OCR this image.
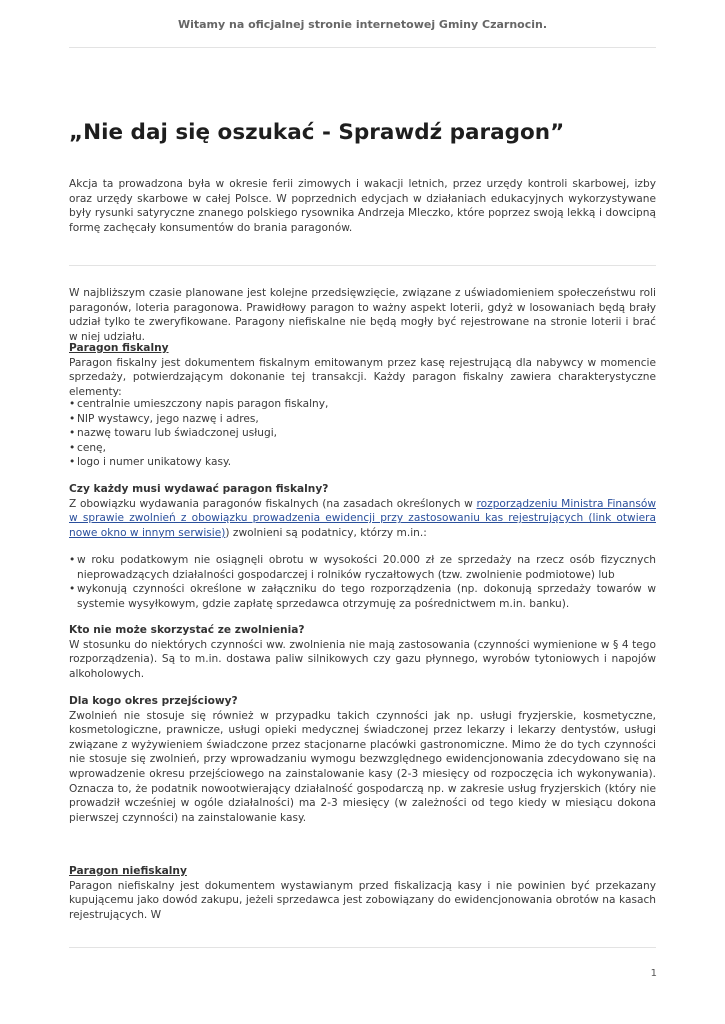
Witamy na oficjalnej stronie internetowej Gminy Czarnocin.
„Nie daj się oszukać - Sprawdź paragon”
Akcja ta prowadzona była w okresie ferii zimowych i wakacji letnich, przez urzędy kontroli skarbowej, izby oraz urzędy skarbowe w całej Polsce. W poprzednich edycjach w działaniach edukacyjnych wykorzystywane były rysunki satyryczne znanego polskiego rysownika Andrzeja Mleczko, które poprzez swoją lekką i dowcipną formę zachęcały konsumentów do brania paragonów.
W najbliższym czasie planowane jest kolejne przedsięwzięcie, związane z uświadomieniem społeczeństwu roli paragonów, loteria paragonowa. Prawidłowy paragon to ważny aspekt loterii, gdyż w losowaniach będą brały udział tylko te zweryfikowane. Paragony niefiskalne nie będą mogły być rejestrowane na stronie loterii i brać w niej udziału.
Paragon fiskalny
Paragon fiskalny jest dokumentem fiskalnym emitowanym przez kasę rejestrującą dla nabywcy w momencie sprzedaży, potwierdzającym dokonanie tej transakcji. Każdy paragon fiskalny zawiera charakterystyczne elementy:
• centralnie umieszczony napis paragon fiskalny,
• NIP wystawcy, jego nazwę i adres,
• nazwę towaru lub świadczonej usługi,
• cenę,
• logo i numer unikatowy kasy.
Czy każdy musi wydawać paragon fiskalny?
Z obowiązku wydawania paragonów fiskalnych (na zasadach określonych w rozporządzeniu Ministra Finansów w sprawie zwolnień z obowiązku prowadzenia ewidencji przy zastosowaniu kas rejestrujących (link otwiera nowe okno w innym serwisie)) zwolnieni są podatnicy, którzy m.in.:
• w roku podatkowym nie osiągnęli obrotu w wysokości 20.000 zł ze sprzedaży na rzecz osób fizycznych nieprowadzących działalności gospodarczej i rolników ryczałtowych (tzw. zwolnienie podmiotowe) lub
• wykonują czynności określone w załączniku do tego rozporządzenia (np. dokonują sprzedaży towarów w systemie wysyłkowym, gdzie zapłatę sprzedawca otrzymuję za pośrednictwem m.in. banku).
Kto nie może skorzystać ze zwolnienia?
W stosunku do niektórych czynności ww. zwolnienia nie mają zastosowania (czynności wymienione w § 4 tego rozporządzenia). Są to m.in. dostawa paliw silnikowych czy gazu płynnego, wyrobów tytoniowych i napojów alkoholowych.
Dla kogo okres przejściowy?
Zwolnień nie stosuje się również w przypadku takich czynności jak np. usługi fryzjerskie, kosmetyczne, kosmetologiczne, prawnicze, usługi opieki medycznej świadczonej przez lekarzy i lekarzy dentystów, usługi związane z wyżywieniem świadczone przez stacjonarne placówki gastronomiczne. Mimo że do tych czynności nie stosuje się zwolnień, przy wprowadzaniu wymogu bezwzględnego ewidencjonowania zdecydowano się na wprowadzenie okresu przejściowego na zainstalowanie kasy (2-3 miesięcy od rozpoczęcia ich wykonywania). Oznacza to, że podatnik nowootwierający działalność gospodarczą np. w zakresie usług fryzjerskich (który nie prowadził wcześniej w ogóle działalności) ma 2-3 miesięcy (w zależności od tego kiedy w miesiącu dokona pierwszej czynności) na zainstalowanie kasy.
Paragon niefiskalny
Paragon niefiskalny jest dokumentem wystawianym przed fiskalizacją kasy i nie powinien być przekazany kupującemu jako dowód zakupu, jeżeli sprzedawca jest zobowiązany do ewidencjonowania obrotów na kasach rejestrujących. W
1
